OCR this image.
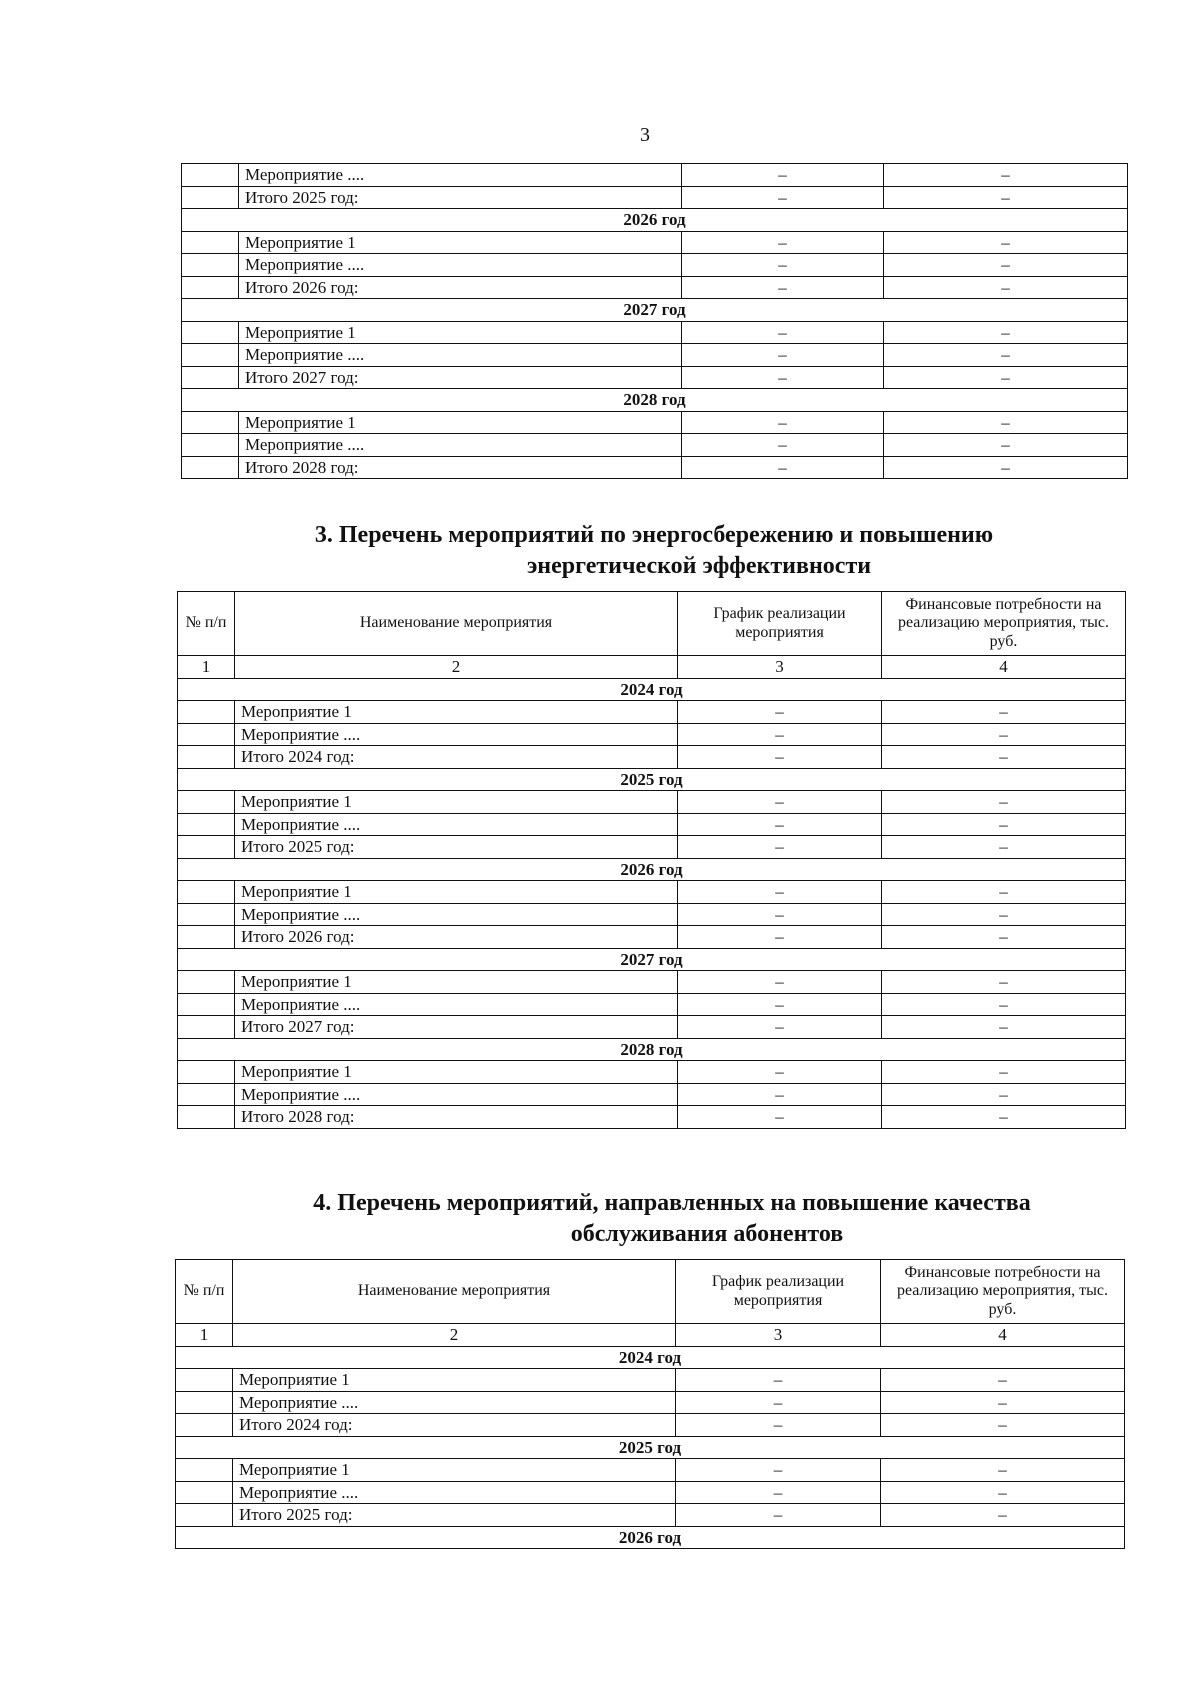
3
	Мероприятие ....	–	–
	Итого 2025 год:	–	–
2026 год			
	Мероприятие 1	–	–
	Мероприятие ....	–	–
	Итого 2026 год:	–	–
2027 год			
	Мероприятие 1	–	–
	Мероприятие ....	–	–
	Итого 2027 год:	–	–
2028 год			
	Мероприятие 1	–	–
	Мероприятие ....	–	–
	Итого 2028 год:	–	–
3. Перечень мероприятий по энергосбережению и повышению
энергетической эффективности
№ п/п	Наименование мероприятия	График реализации мероприятия	Финансовые потребности на реализацию мероприятия, тыс. руб.
1	2	3	4
2024 год			
	Мероприятие 1	–	–
	Мероприятие ....	–	–
	Итого 2024 год:	–	–
2025 год			
	Мероприятие 1	–	–
	Мероприятие ....	–	–
	Итого 2025 год:	–	–
2026 год			
	Мероприятие 1	–	–
	Мероприятие ....	–	–
	Итого 2026 год:	–	–
2027 год			
	Мероприятие 1	–	–
	Мероприятие ....	–	–
	Итого 2027 год:	–	–
2028 год			
	Мероприятие 1	–	–
	Мероприятие ....	–	–
	Итого 2028 год:	–	–
4. Перечень мероприятий, направленных на повышение качества
обслуживания абонентов
№ п/п	Наименование мероприятия	График реализации мероприятия	Финансовые потребности на реализацию мероприятия, тыс. руб.
1	2	3	4
2024 год			
	Мероприятие 1	–	–
	Мероприятие ....	–	–
	Итого 2024 год:	–	–
2025 год			
	Мероприятие 1	–	–
	Мероприятие ....	–	–
	Итого 2025 год:	–	–
2026 год			
